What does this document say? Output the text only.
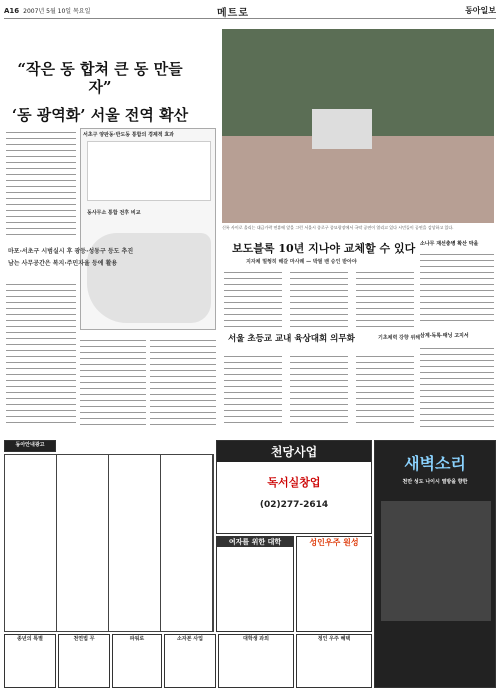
A16 2007년 5월 10일 목요일	메트로	동아일보
“작은 동 합쳐 큰 동 만들자”
‘동 광역화’ 서울 전역 확산
서초구 양판동·반도동 통합의 경제적 효과
동사무소 통합 전후 비교
마포·서초구 시범실시 후 광등·성동구 등도 추진
남는 사무공간은 복지·주민자율 등에 활용
신록 사이로 울리는 대금가락 연휴에 앞을 그런 서울시 종로구 종묘광장에서 국악 공연이 열리고 있다 시민들이 공연을 감상하고 있다.
보도블록 10년 지나야 교체할 수 있다
지자체 멀쩡히 해갈 마사례 — 박필 밴 승인 받아야
서울 초등교 교내 육상대회 의무화	기초체력 강향 위해
소나무 재선충병 확산 막을
삼계·독록·태닝 고지서
동아안내광고	천당사업
독서실창업
(02)277-2614
새벽소리
천만 성도 나이시 열방을 향한
여자를 위한 대학	성인우주 원성
종년의 특별	천연법 무	파워로	소자본 사업	대학생 과외	정인 우주 혜택
